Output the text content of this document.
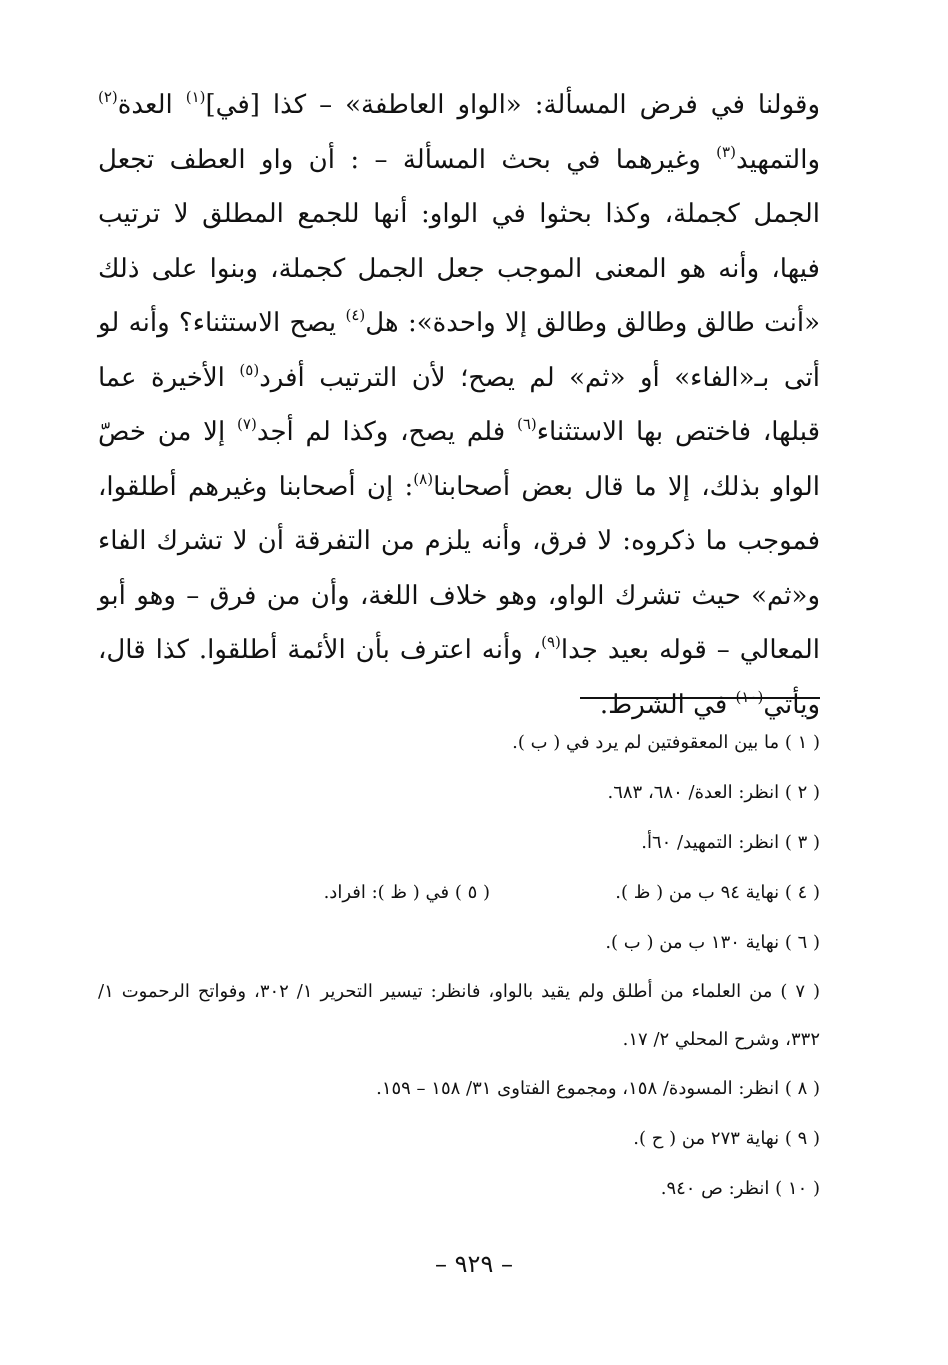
وقولنا في فرض المسألة: «الواو العاطفة» – كذا [في]$^{(١)}$ العدة$^{(٢)}$ والتمهيد$^{(٣)}$ وغيرهما في بحث المسألة – : أن واو العطف تجعل الجمل كجملة، وكذا بحثوا في الواو: أنها للجمع المطلق لا ترتيب فيها، وأنه هو المعنى الموجب جعل الجمل كجملة، وبنوا على ذلك «أنت طالق وطالق وطالق إلا واحدة»: هل$^{(٤)}$ يصح الاستثناء؟ وأنه لو أتى بـ«الفاء» أو «ثم» لم يصح؛ لأن الترتيب أفرد$^{(٥)}$ الأخيرة عما قبلها، فاختص بها الاستثناء$^{(٦)}$ فلم يصح، وكذا لم أجد$^{(٧)}$ إلا من خصّ الواو بذلك، إلا ما قال بعض أصحابنا$^{(٨)}$: إن أصحابنا وغيرهم أطلقوا، فموجب ما ذكروه: لا فرق، وأنه يلزم من التفرقة أن لا تشرك الفاء و«ثم» حيث تشرك الواو، وهو خلاف اللغة، وأن من فرق – وهو أبو المعالي – قوله بعيد جدا$^{(٩)}$، وأنه اعترف بأن الأئمة أطلقوا. كذا قال، ويأتي$^{(١٠)}$ في الشرط.

( ١ ) ما بين المعقوفتين لم يرد في ( ب ).

( ٢ ) انظر: العدة/ ٦٨٠، ٦٨٣.

( ٣ ) انظر: التمهيد/ ٦٠أ.

( ٤ ) نهاية ٩٤ ب من ( ظ ).
( ٥ ) في ( ظ ): افراد.

( ٦ ) نهاية ١٣٠ ب من ( ب ).

( ٧ ) من العلماء من أطلق ولم يقيد بالواو، فانظر: تيسير التحرير ١/ ٣٠٢، وفواتح الرحموت ١/ ٣٣٢، وشرح المحلي ٢/ ١٧.

( ٨ ) انظر: المسودة/ ١٥٨، ومجموع الفتاوى ٣١/ ١٥٨ – ١٥٩.

( ٩ ) نهاية ٢٧٣ من ( ح ).

( ١٠ ) انظر: ص ٩٤٠.

– ٩٢٩ –
